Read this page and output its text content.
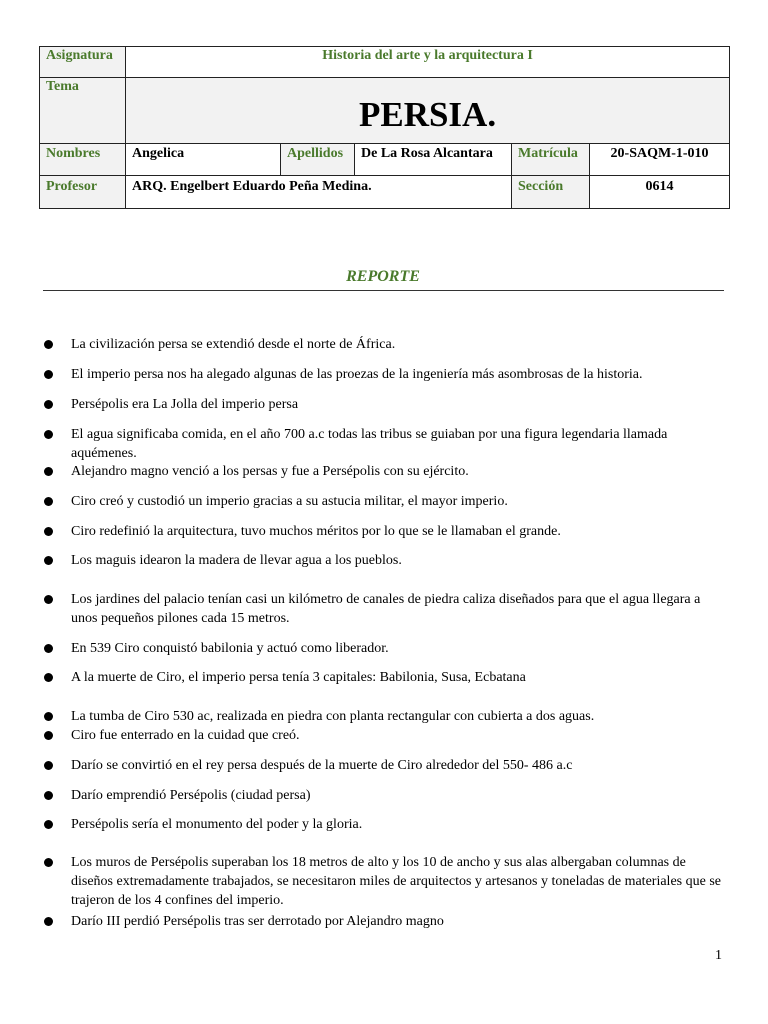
Asignatura	Historia del arte y la arquitectura I				
Tema	PERSIA.				

Nombres	Angelica	Apellidos	De La Rosa Alcantara	Matrícula	20-SAQM-1-010
Profesor	ARQ. Engelbert Eduardo Peña Medina.			Sección	0614
REPORTE
La civilización persa se extendió desde el norte de África.
El imperio persa nos ha alegado algunas de las proezas de la ingeniería más asombrosas de la historia.
Persépolis era La Jolla del imperio persa
El agua significaba comida, en el año 700 a.c todas las tribus se guiaban por una figura legendaria llamada aquémenes.
Alejandro magno venció a los persas y fue a Persépolis con su ejército.
Ciro creó y custodió un imperio gracias a su astucia militar, el mayor imperio.
Ciro redefinió la arquitectura, tuvo muchos méritos por lo que se le llamaban el grande.
Los maguis idearon la madera de llevar agua a los pueblos.
Los jardines del palacio tenían casi un kilómetro de canales de piedra caliza diseñados para que el agua llegara a unos pequeños pilones cada 15 metros.
En 539 Ciro conquistó babilonia y actuó como liberador.
A la muerte de Ciro, el imperio persa tenía 3 capitales: Babilonia, Susa, Ecbatana
La tumba de Ciro 530 ac, realizada en piedra con planta rectangular con cubierta a dos aguas.
Ciro fue enterrado en la cuidad que creó.
Darío se convirtió en el rey persa después de la muerte de Ciro alrededor del 550- 486 a.c
Darío emprendió Persépolis (ciudad persa)
Persépolis sería el monumento del poder y la gloria.
Los muros de Persépolis superaban los 18 metros de alto y los 10 de ancho y sus alas albergaban columnas de diseños extremadamente trabajados, se necesitaron miles de arquitectos y artesanos y toneladas de materiales que se trajeron de los 4 confines del imperio.
Darío III perdió Persépolis tras ser derrotado por Alejandro magno
1
